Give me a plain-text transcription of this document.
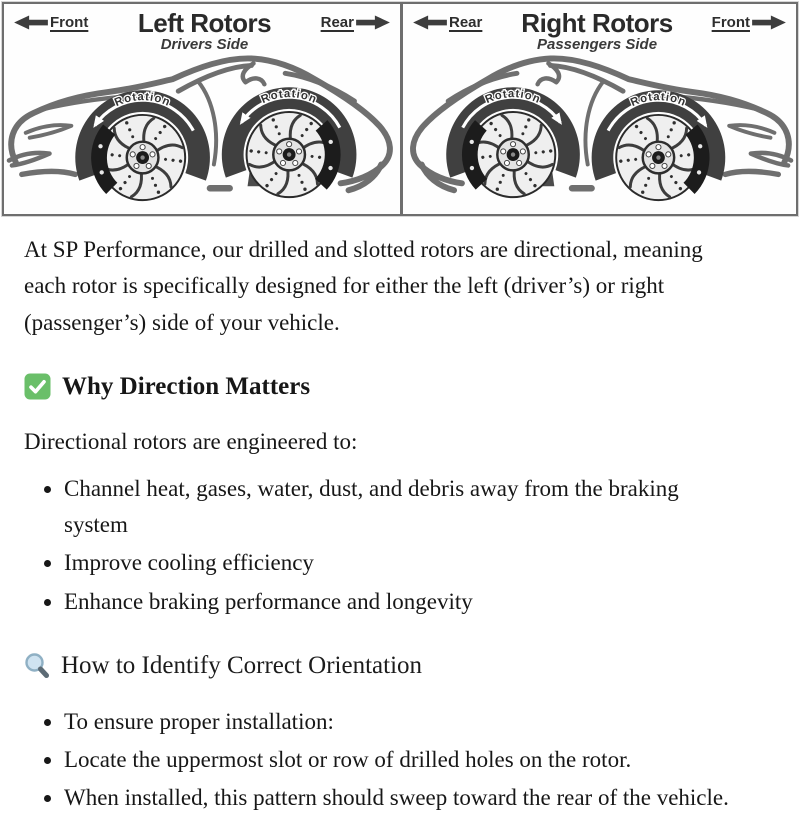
Front Left Rotors
Drivers Side
Rear
Rotation	Rotation
Rear Right Rotors
Passengers Side
Front
Rotation	Rotation

At SP Performance, our drilled and slotted rotors are directional, meaning each rotor is specifically designed for either the left (driver’s) or right (passenger’s) side of your vehicle.

Why Direction Matters

Directional rotors are engineered to:

• Channel heat, gases, water, dust, and debris away from the braking system
• Improve cooling efficiency
• Enhance braking performance and longevity
How to Identify Correct Orientation
• To ensure proper installation:
• Locate the uppermost slot or row of drilled holes on the rotor.
• When installed, this pattern should sweep toward the rear of the vehicle.
